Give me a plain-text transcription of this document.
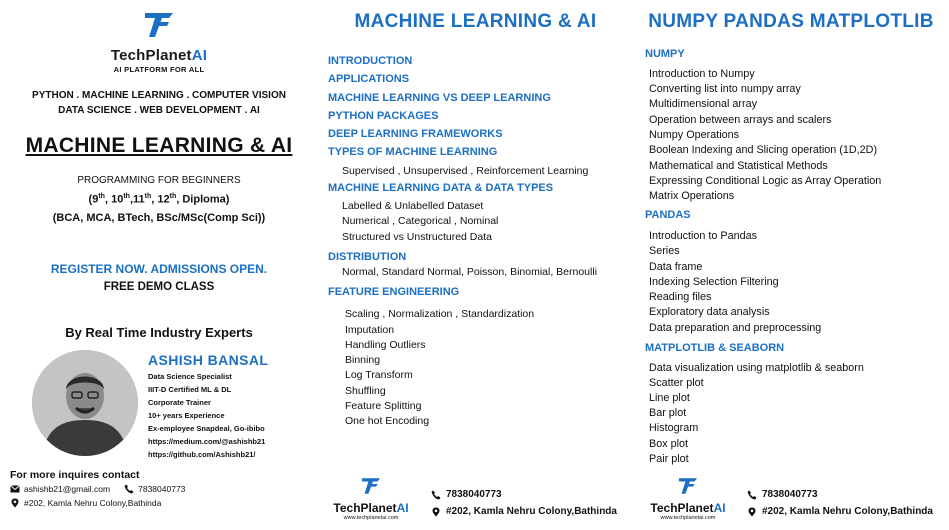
TechPlanetAI
AI PLATFORM FOR ALL
PYTHON . MACHINE LEARNING . COMPUTER VISION
DATA SCIENCE . WEB DEVELOPMENT . AI
MACHINE LEARNING & AI
PROGRAMMING FOR BEGINNERS
(9th, 10th,11th, 12th, Diploma)
(BCA, MCA, BTech, BSc/MSc(Comp Sci))
REGISTER NOW. ADMISSIONS OPEN.
FREE DEMO CLASS
By Real Time Industry Experts
ASHISH BANSAL
Data Science Specialist
IIIT-D Certified ML & DL
Corporate Trainer
10+ years Experience
Ex-employee Snapdeal, Go-ibibo
https://medium.com/@ashishb21
https://github.com/Ashishb21/
For more inquires contact
ashishb21@gmail.com	7838040773
#202, Kamla Nehru Colony,Bathinda
MACHINE LEARNING & AI
INTRODUCTION
APPLICATIONS
MACHINE LEARNING VS DEEP LEARNING
PYTHON PACKAGES
DEEP LEARNING FRAMEWORKS
TYPES OF MACHINE LEARNING
Supervised , Unsupervised , Reinforcement Learning
MACHINE LEARNING DATA & DATA TYPES
Labelled & Unlabelled Dataset
Numerical , Categorical , Nominal
Structured vs Unstructured Data
DISTRIBUTION
Normal, Standard Normal, Poisson, Binomial, Bernoulli
FEATURE ENGINEERING
Scaling , Normalization , Standardization
Imputation
Handling Outliers
Binning
Log Transform
Shuffling
Feature Splitting
One hot Encoding
TechPlanetAI
www.techplanetai.com
7838040773
#202, Kamla Nehru Colony,Bathinda
NUMPY PANDAS MATPLOTLIB
NUMPY
Introduction to Numpy
Converting list into numpy array
Multidimensional array
Operation between arrays and scalers
Numpy Operations
Boolean Indexing and Slicing operation (1D,2D)
Mathematical and Statistical Methods
Expressing Conditional Logic as Array Operation
Matrix Operations
PANDAS
Introduction to Pandas
Series
Data frame
Indexing Selection Filtering
Reading files
Exploratory data analysis
Data preparation and preprocessing
MATPLOTLIB & SEABORN
Data visualization using matplotlib & seaborn
Scatter plot
Line plot
Bar plot
Histogram
Box plot
Pair plot
TechPlanetAI
www.techplanetai.com
7838040773
#202, Kamla Nehru Colony,Bathinda
